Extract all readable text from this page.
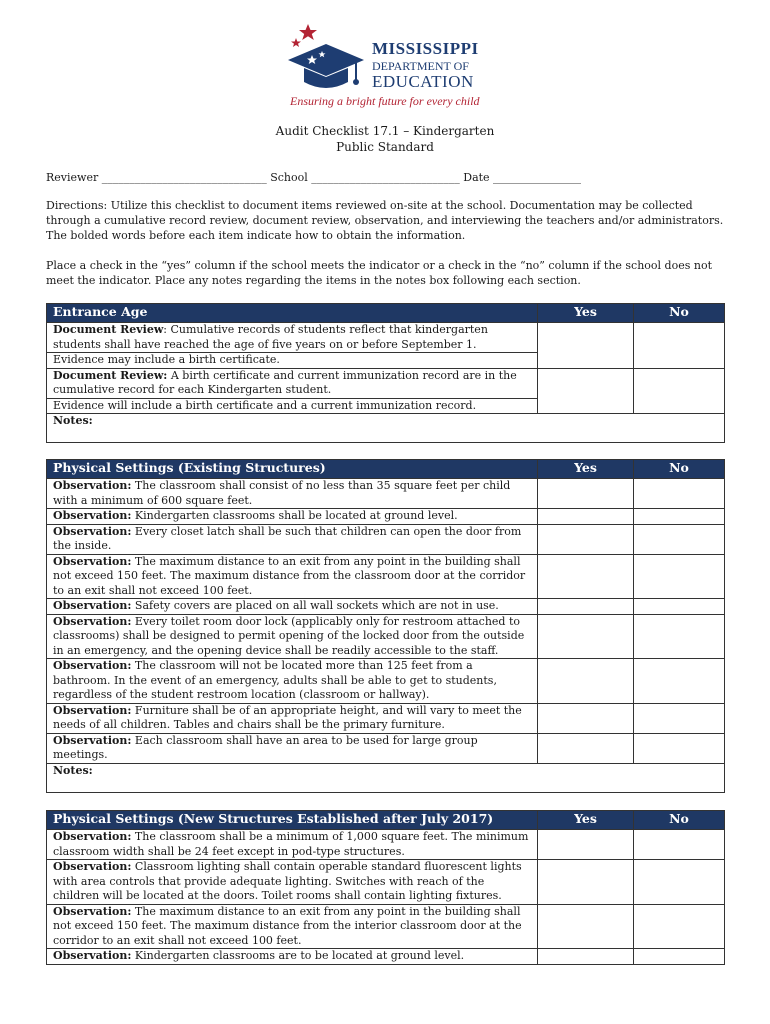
MISSISSIPPI
DEPARTMENT OF
EDUCATION
Ensuring a bright future for every child
Audit Checklist 17.1 – Kindergarten
Public Standard
Reviewer ______________________________ School ___________________________ Date ________________
Directions: Utilize this checklist to document items reviewed on-site at the school. Documentation may be collected through a cumulative record review, document review, observation, and interviewing the teachers and/or administrators. The bolded words before each item indicate how to obtain the information.
Place a check in the “yes” column if the school meets the indicator or a check in the “no” column if the school does not meet the indicator. Place any notes regarding the items in the notes box following each section.
Entrance Age	Yes	No
Document Review: Cumulative records of students reflect that kindergarten students shall have reached the age of five years on or before September 1.		
Evidence may include a birth certificate.		
Document Review: A birth certificate and current immunization record are in the cumulative record for each Kindergarten student.		
Evidence will include a birth certificate and a current immunization record.		
Notes:		
Physical Settings (Existing Structures)	Yes	No
Observation: The classroom shall consist of no less than 35 square feet per child with a minimum of 600 square feet.		
Observation: Kindergarten classrooms shall be located at ground level.		
Observation: Every closet latch shall be such that children can open the door from the inside.		
Observation: The maximum distance to an exit from any point in the building shall not exceed 150 feet. The maximum distance from the classroom door at the corridor to an exit shall not exceed 100 feet.		
Observation: Safety covers are placed on all wall sockets which are not in use.		
Observation: Every toilet room door lock (applicably only for restroom attached to classrooms) shall be designed to permit opening of the locked door from the outside in an emergency, and the opening device shall be readily accessible to the staff.		
Observation: The classroom will not be located more than 125 feet from a bathroom. In the event of an emergency, adults shall be able to get to students, regardless of the student restroom location (classroom or hallway).		
Observation: Furniture shall be of an appropriate height, and will vary to meet the needs of all children. Tables and chairs shall be the primary furniture.		
Observation: Each classroom shall have an area to be used for large group meetings.		
Notes:		
Physical Settings (New Structures Established after July 2017)	Yes	No
Observation: The classroom shall be a minimum of 1,000 square feet. The minimum classroom width shall be 24 feet except in pod-type structures.		
Observation: Classroom lighting shall contain operable standard fluorescent lights with area controls that provide adequate lighting. Switches with reach of the children will be located at the doors. Toilet rooms shall contain lighting fixtures.		
Observation: The maximum distance to an exit from any point in the building shall not exceed 150 feet. The maximum distance from the interior classroom door at the corridor to an exit shall not exceed 100 feet.		
Observation: Kindergarten classrooms are to be located at ground level.		
